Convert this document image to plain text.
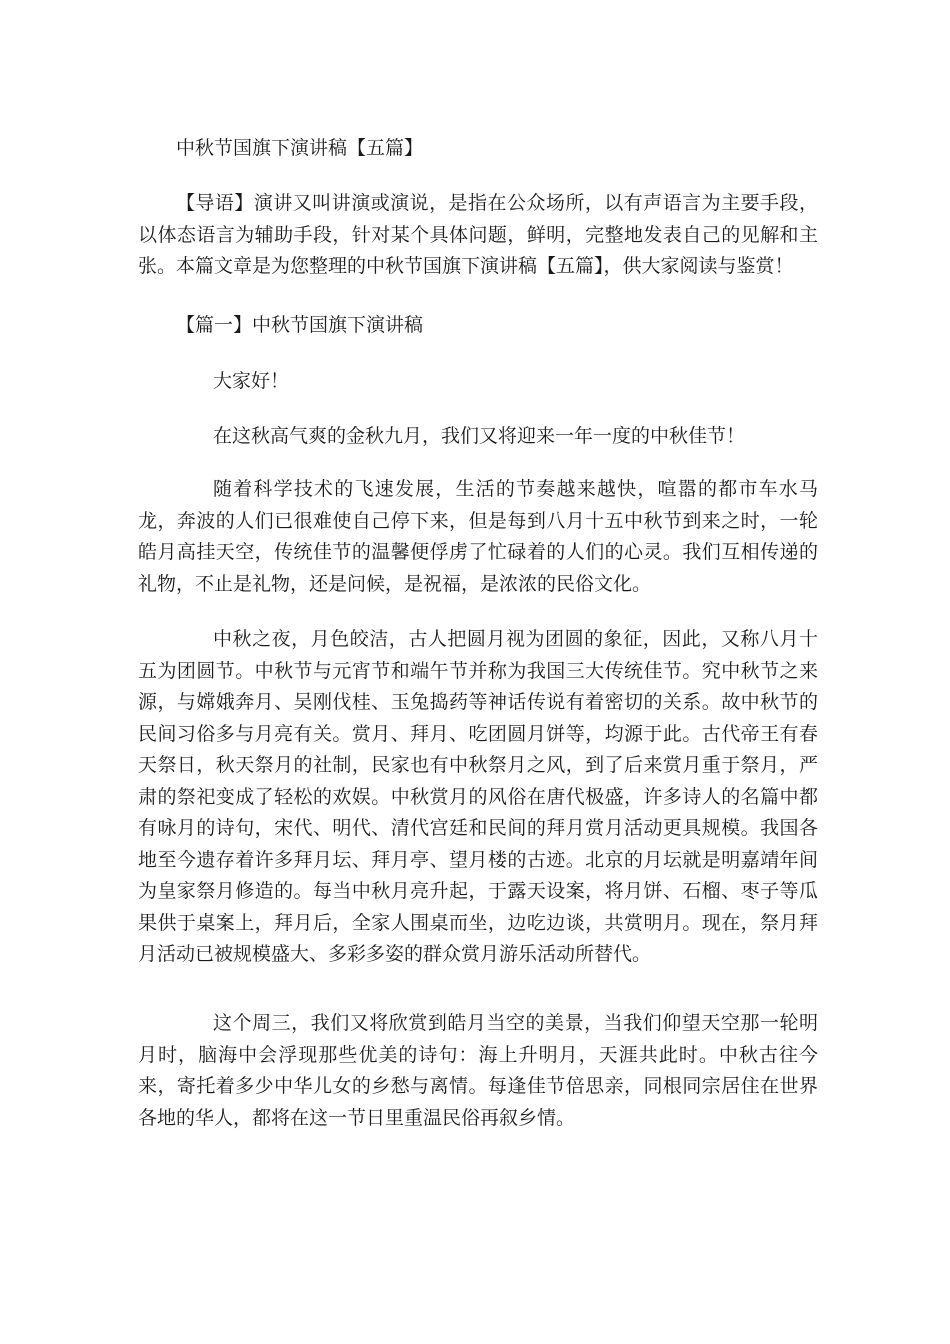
中秋节国旗下演讲稿【五篇】

【导语】演讲又叫讲演或演说，是指在公众场所，以有声语言为主要手段，以体态语言为辅助手段，针对某个具体问题，鲜明，完整地发表自己的见解和主张。本篇文章是为您整理的中秋节国旗下演讲稿【五篇】，供大家阅读与鉴赏！

【篇一】中秋节国旗下演讲稿

大家好！

在这秋高气爽的金秋九月，我们又将迎来一年一度的中秋佳节！

随着科学技术的飞速发展，生活的节奏越来越快，喧嚣的都市车水马龙，奔波的人们已很难使自己停下来，但是每到八月十五中秋节到来之时，一轮皓月高挂天空，传统佳节的温馨便俘虏了忙碌着的人们的心灵。我们互相传递的礼物，不止是礼物，还是问候，是祝福，是浓浓的民俗文化。

中秋之夜，月色皎洁，古人把圆月视为团圆的象征，因此，又称八月十五为团圆节。中秋节与元宵节和端午节并称为我国三大传统佳节。究中秋节之来源，与嫦娥奔月、吴刚伐桂、玉兔捣药等神话传说有着密切的关系。故中秋节的民间习俗多与月亮有关。赏月、拜月、吃团圆月饼等，均源于此。古代帝王有春天祭日，秋天祭月的社制，民家也有中秋祭月之风，到了后来赏月重于祭月，严肃的祭祀变成了轻松的欢娱。中秋赏月的风俗在唐代极盛，许多诗人的名篇中都有咏月的诗句，宋代、明代、清代宫廷和民间的拜月赏月活动更具规模。我国各地至今遗存着许多拜月坛、拜月亭、望月楼的古迹。北京的月坛就是明嘉靖年间为皇家祭月修造的。每当中秋月亮升起，于露天设案，将月饼、石榴、枣子等瓜果供于桌案上，拜月后，全家人围桌而坐，边吃边谈，共赏明月。现在，祭月拜月活动已被规模盛大、多彩多姿的群众赏月游乐活动所替代。

这个周三，我们又将欣赏到皓月当空的美景，当我们仰望天空那一轮明月时，脑海中会浮现那些优美的诗句：海上升明月，天涯共此时。中秋古往今来，寄托着多少中华儿女的乡愁与离情。每逢佳节倍思亲，同根同宗居住在世界各地的华人，都将在这一节日里重温民俗再叙乡情。
